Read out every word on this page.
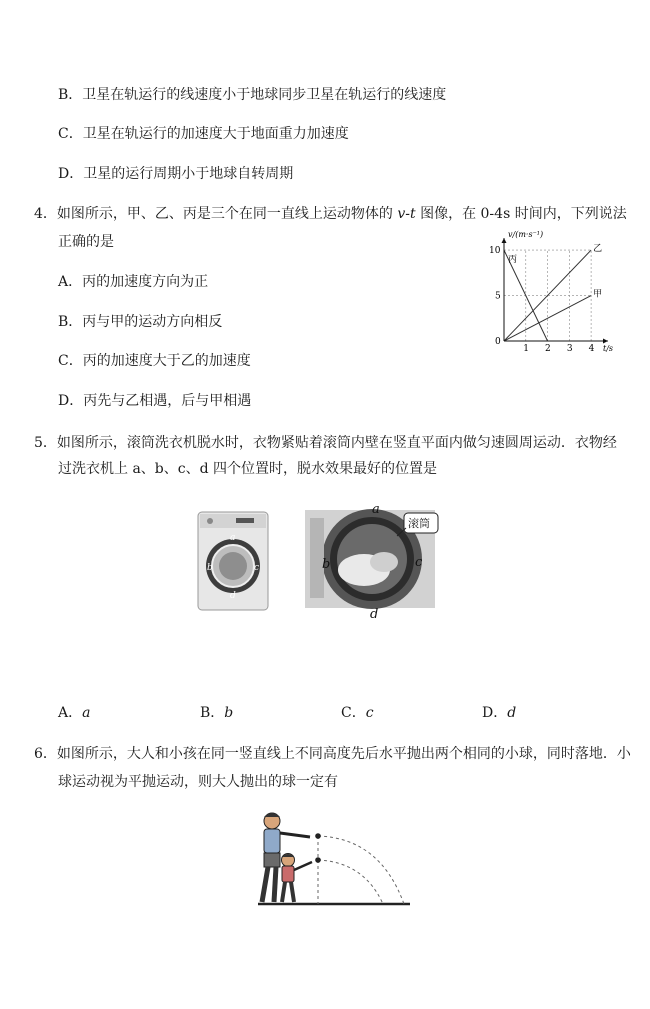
B．卫星在轨运行的线速度小于地球同步卫星在轨运行的线速度
C．卫星在轨运行的加速度大于地面重力加速度
D．卫星的运行周期小于地球自转周期
4．如图所示，甲、乙、丙是三个在同一直线上运动物体的 v-t 图像，在 0-4s 时间内，下列说法
正确的是
A．丙的加速度方向为正
B．丙与甲的运动方向相反
C．丙的加速度大于乙的加速度
D．丙先与乙相遇，后与甲相遇
1 2 3 4
5
10
0
v/(m·s⁻¹)
t/s
乙
甲
丙
5．如图所示，滚筒洗衣机脱水时，衣物紧贴着滚筒内壁在竖直平面内做匀速圆周运动．衣物经
过洗衣机上 a、b、c、d 四个位置时，脱水效果最好的位置是
a
b	c
d
a
b	c
d
滚筒
A．a	B．b	C．c	D．d
6．如图所示，大人和小孩在同一竖直线上不同高度先后水平抛出两个相同的小球，同时落地．小
球运动视为平抛运动，则大人抛出的球一定有
